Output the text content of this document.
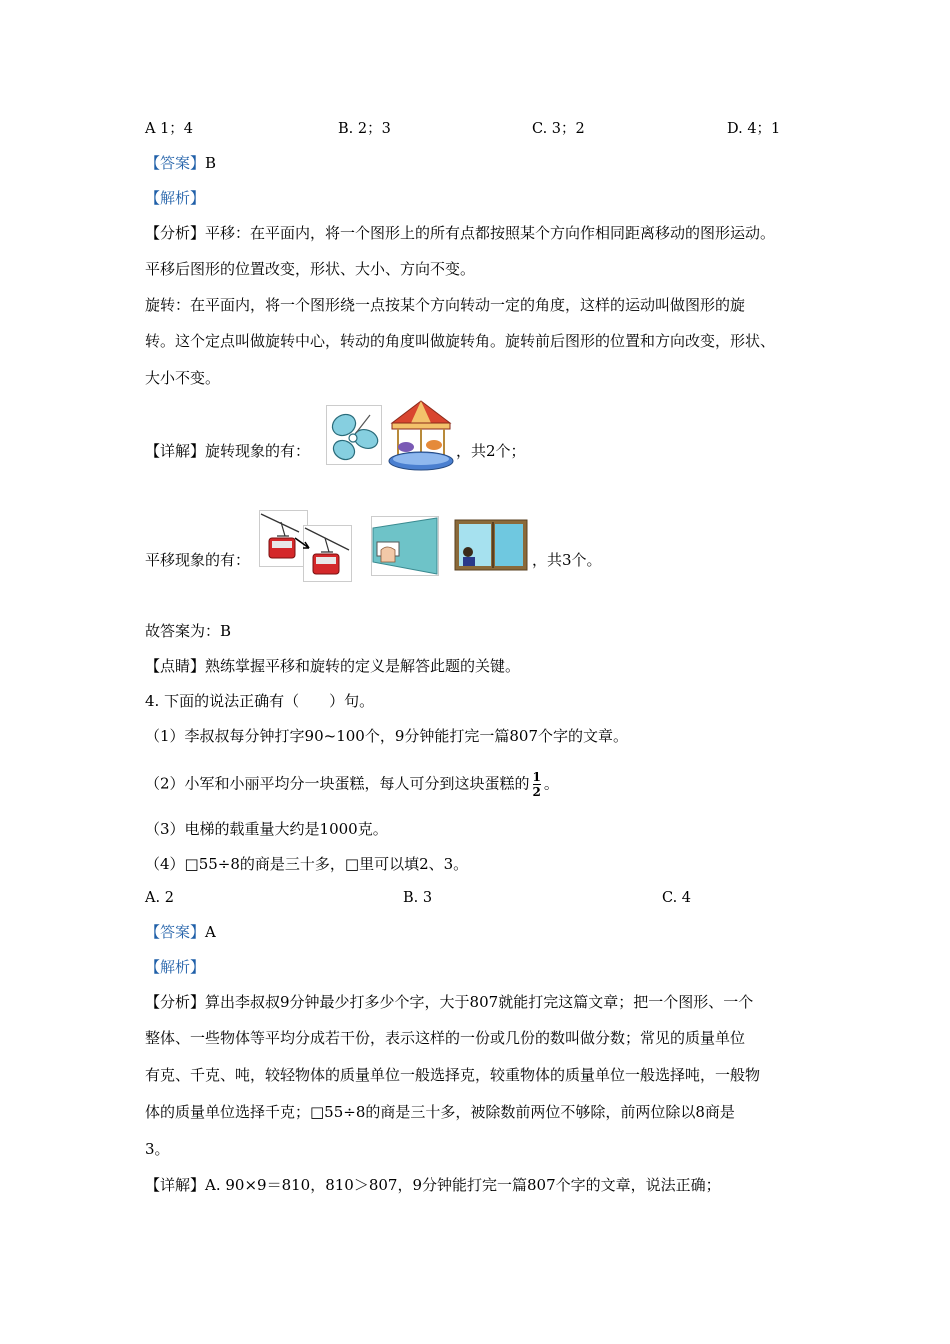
A 1；4	B. 2；3	C. 3；2	D. 4；1
【答案】B
【解析】
【分析】平移：在平面内，将一个图形上的所有点都按照某个方向作相同距离移动的图形运动。
平移后图形的位置改变，形状、大小、方向不变。
旋转：在平面内，将一个图形绕一点按某个方向转动一定的角度，这样的运动叫做图形的旋
转。这个定点叫做旋转中心，转动的角度叫做旋转角。旋转前后图形的位置和方向改变，形状、
大小不变。
【详解】旋转现象的有：	，共2个；
平移现象的有：	，共3个。
故答案为：B
【点睛】熟练掌握平移和旋转的定义是解答此题的关键。
4. 下面的说法正确有（　　）句。
（1）李叔叔每分钟打字90~100个，9分钟能打完一篇807个字的文章。
（2）小军和小丽平均分一块蛋糕，每人可分到这块蛋糕的 $\frac{1}{2}$ 。
（3）电梯的载重量大约是1000克。
（4）□55÷8的商是三十多，□里可以填2、3。
A. 2	B. 3	C. 4
【答案】A
【解析】
【分析】算出李叔叔9分钟最少打多少个字，大于807就能打完这篇文章；把一个图形、一个
整体、一些物体等平均分成若干份，表示这样的一份或几份的数叫做分数；常见的质量单位
有克、千克、吨，较轻物体的质量单位一般选择克，较重物体的质量单位一般选择吨，一般物
体的质量单位选择千克；□55÷8的商是三十多，被除数前两位不够除，前两位除以8商是
3。
【详解】A. 90×9＝810，810＞807，9分钟能打完一篇807个字的文章，说法正确；
